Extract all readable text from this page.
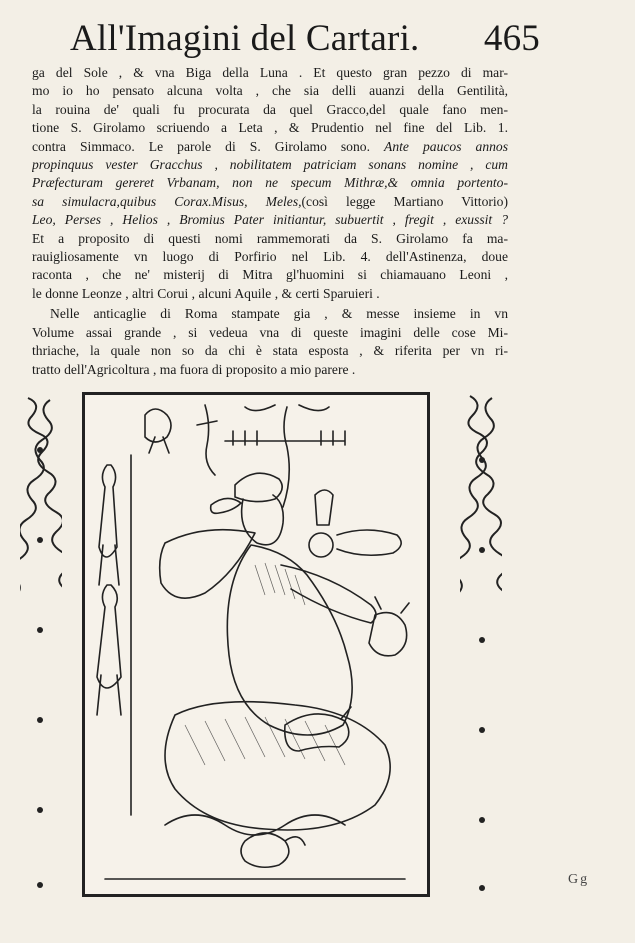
All'Imagini del Cartari. 465
ga del Sole , & vna Biga della Luna . Et questo gran pezzo di mar-
mo io ho pensato alcuna volta , che sia delli auanzi della Gentilità,
la rouina de' quali fu procurata da quel Gracco,del quale fano men-
tione S. Girolamo scriuendo a Leta , & Prudentio nel fine del Lib. 1.
contra Simmaco. Le parole di S. Girolamo sono. Ante paucos annos
propinquus vester Gracchus , nobilitatem patriciam sonans nomine , cum
Præfecturam gereret Vrbanam, non ne specum Mithræ,& omnia portento-
sa simulacra,quibus Corax.Misus, Meles,(così legge Martiano Vittorio)
Leo, Perses , Helios , Bromius Pater initiantur, subuertit , fregit , exussit ?
Et a proposito di questi nomi rammemorati da S. Girolamo fa ma-
rauigliosamente vn luogo di Porfirio nel Lib. 4. dell'Astinenza, doue
raconta , che ne' misterij di Mitra gl'huomini si chiamauano Leoni ,
le donne Leonze , altri Corui , alcuni Aquile , & certi Sparuieri .
Nelle anticaglie di Roma stampate gia , & messe insieme in vn
Volume assai grande , si vedeua vna di queste imagini delle cose Mi-
thriache, la quale non so da chi è stata esposta , & riferita per vn ri-
tratto dell'Agricoltura , ma fuora di proposito a mio parere .
Gg
